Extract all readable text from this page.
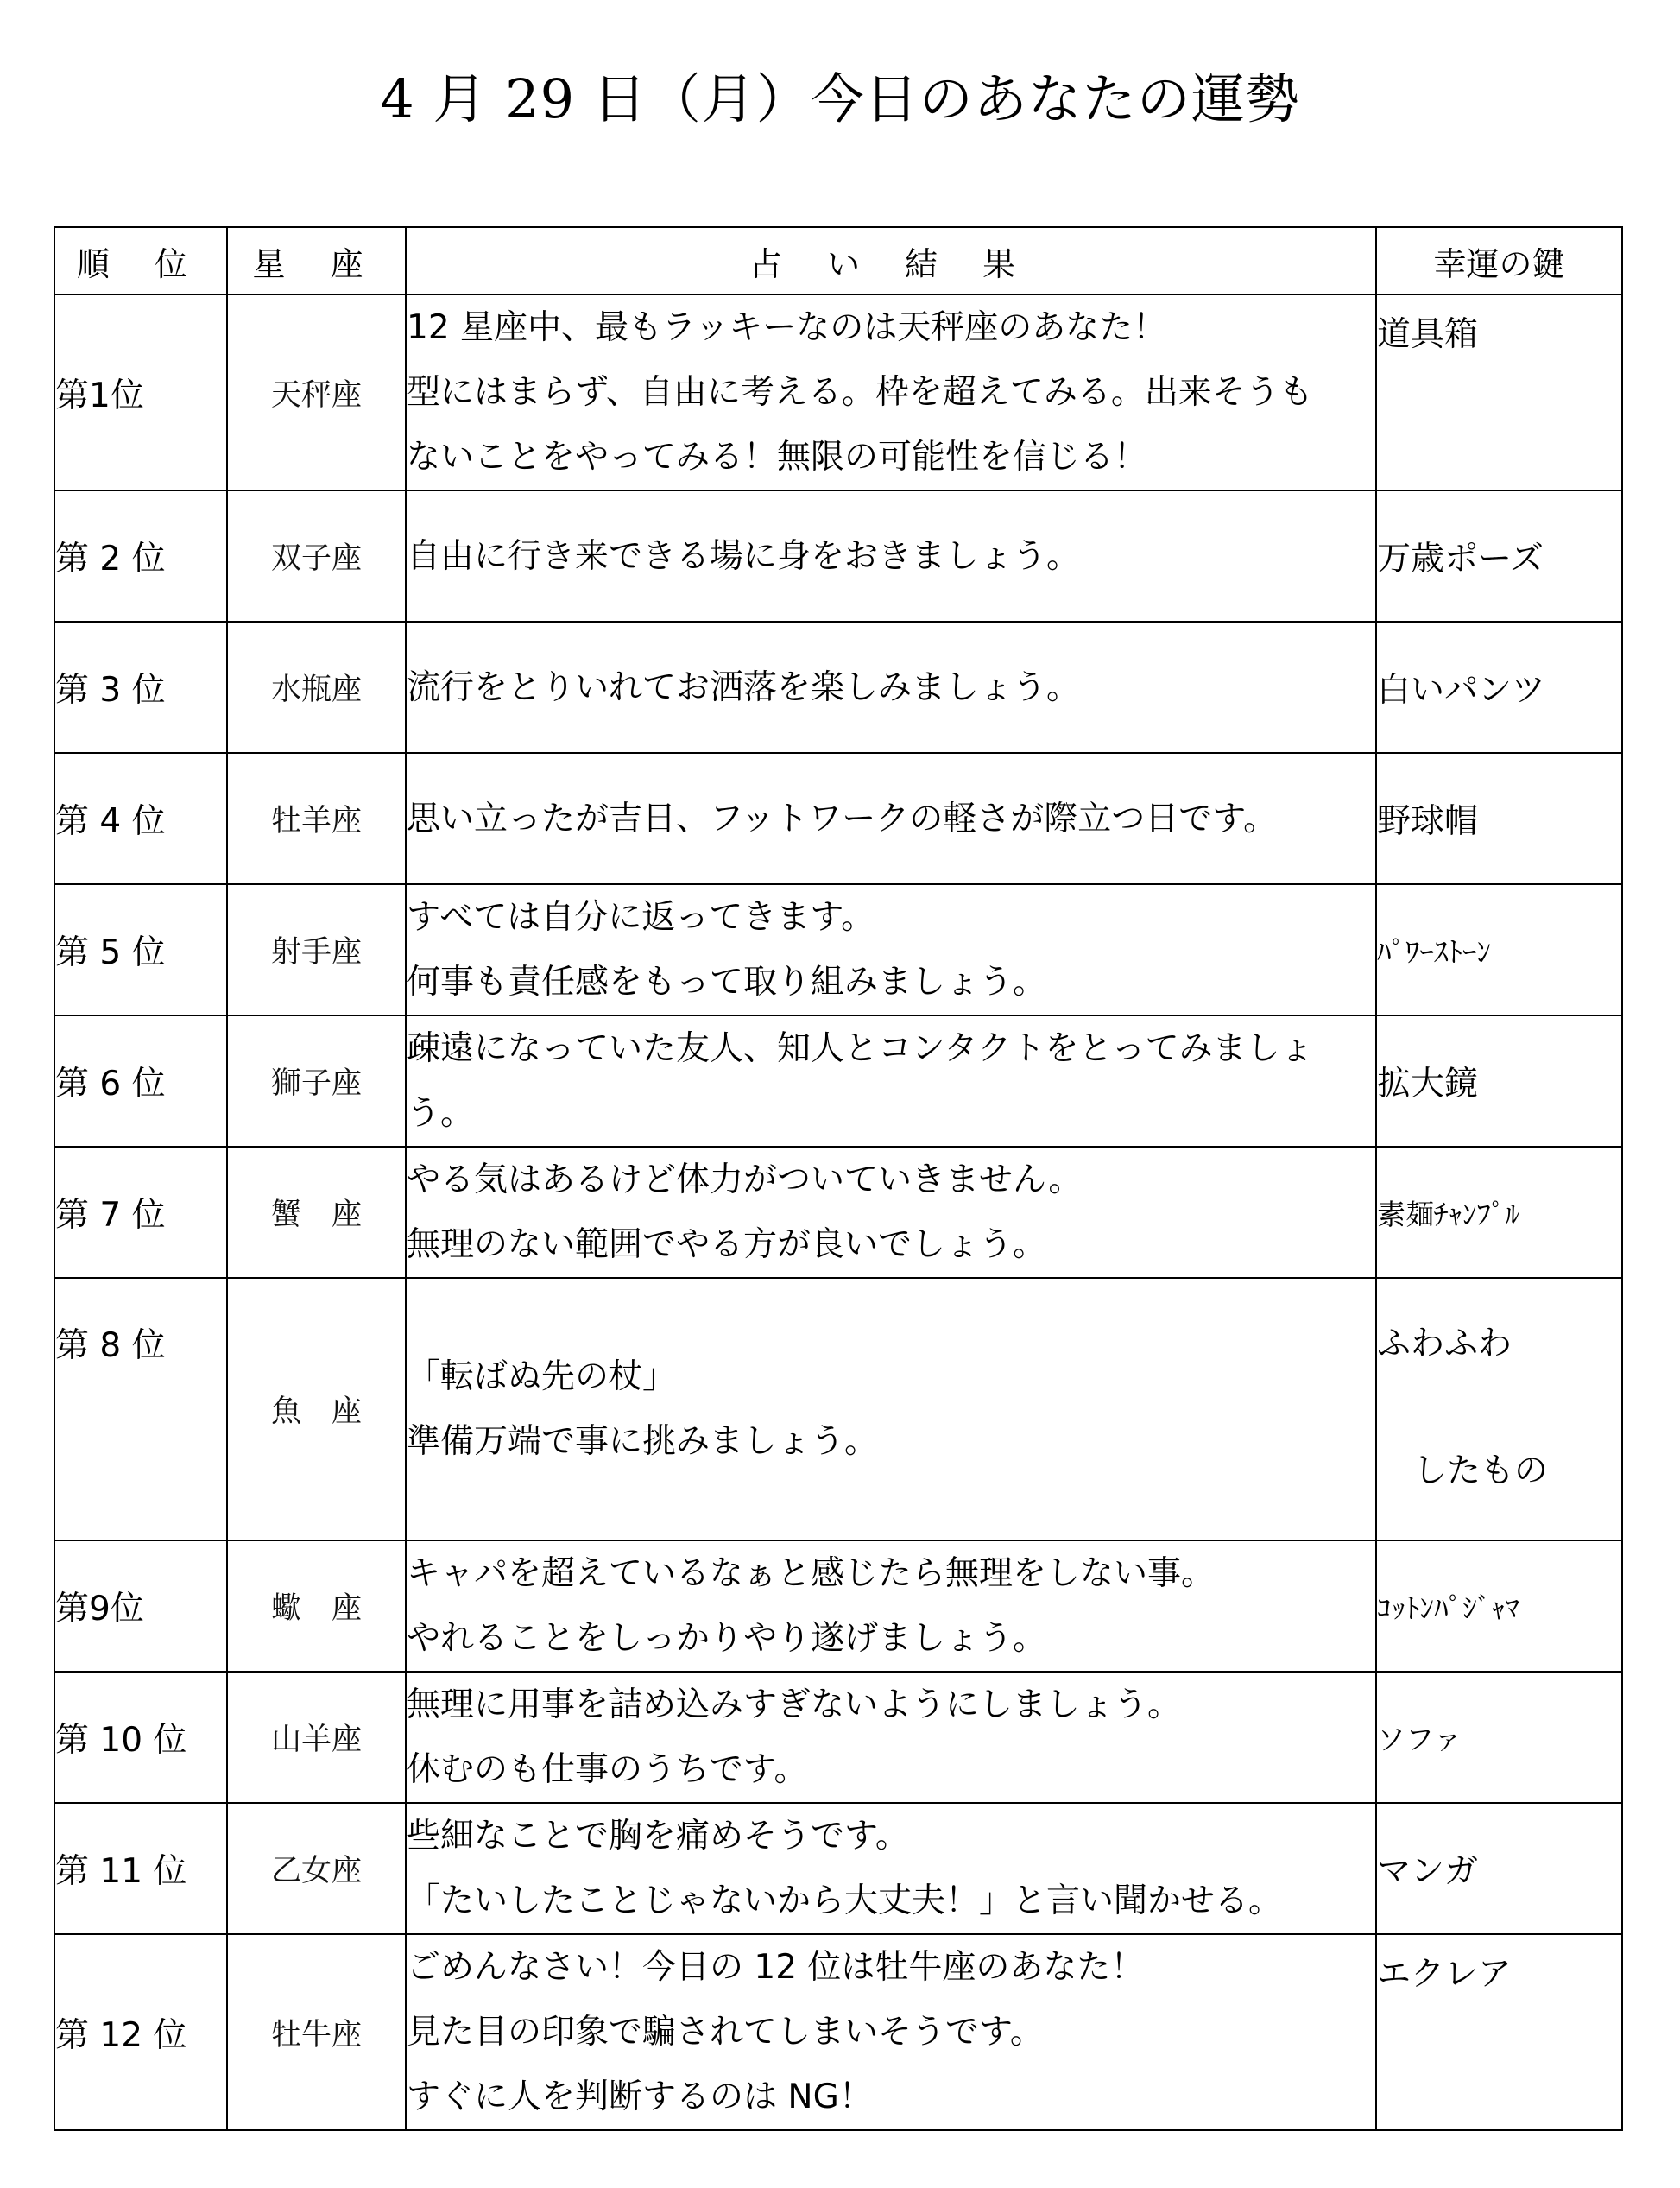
4 月 29 日（月）今日のあなたの運勢
順 位	星 座	占 い 結 果	幸運の鍵
第1位	天秤座	12 星座中、最もラッキーなのは天秤座のあなた！
型にはまらず、自由に考える。枠を超えてみる。出来そうも
ないことをやってみる！無限の可能性を信じる！	道具箱

第 2 位	双子座	自由に行き来できる場に身をおきましょう。	万歳ポーズ
第 3 位	水瓶座	流行をとりいれてお洒落を楽しみましょう。	白いパンツ
第 4 位	牡羊座	思い立ったが吉日、フットワークの軽さが際立つ日です。	野球帽
第 5 位	射手座	すべては自分に返ってきます。
何事も責任感をもって取り組みましょう。	ﾊﾟﾜｰｽﾄｰﾝ
第 6 位	獅子座	疎遠になっていた友人、知人とコンタクトをとってみましょ
う。	拡大鏡
第 7 位	蟹　座	やる気はあるけど体力がついていきません。
無理のない範囲でやる方が良いでしょう。	素麺ﾁｬﾝﾌﾟﾙ
第 8 位	魚　座	「転ばぬ先の杖」
準備万端で事に挑みましょう。	ふわふわ
したもの

第9位	蠍　座	キャパを超えているなぁと感じたら無理をしない事。
やれることをしっかりやり遂げましょう。	ｺｯﾄﾝﾊﾟｼﾞｬﾏ
第 10 位	山羊座	無理に用事を詰め込みすぎないようにしましょう。
休むのも仕事のうちです。	ソファ
第 11 位	乙女座	些細なことで胸を痛めそうです。
「たいしたことじゃないから大丈夫！」と言い聞かせる。	マンガ
第 12 位	牡牛座	ごめんなさい！今日の 12 位は牡牛座のあなた！
見た目の印象で騙されてしまいそうです。
すぐに人を判断するのは NG！	エクレア
